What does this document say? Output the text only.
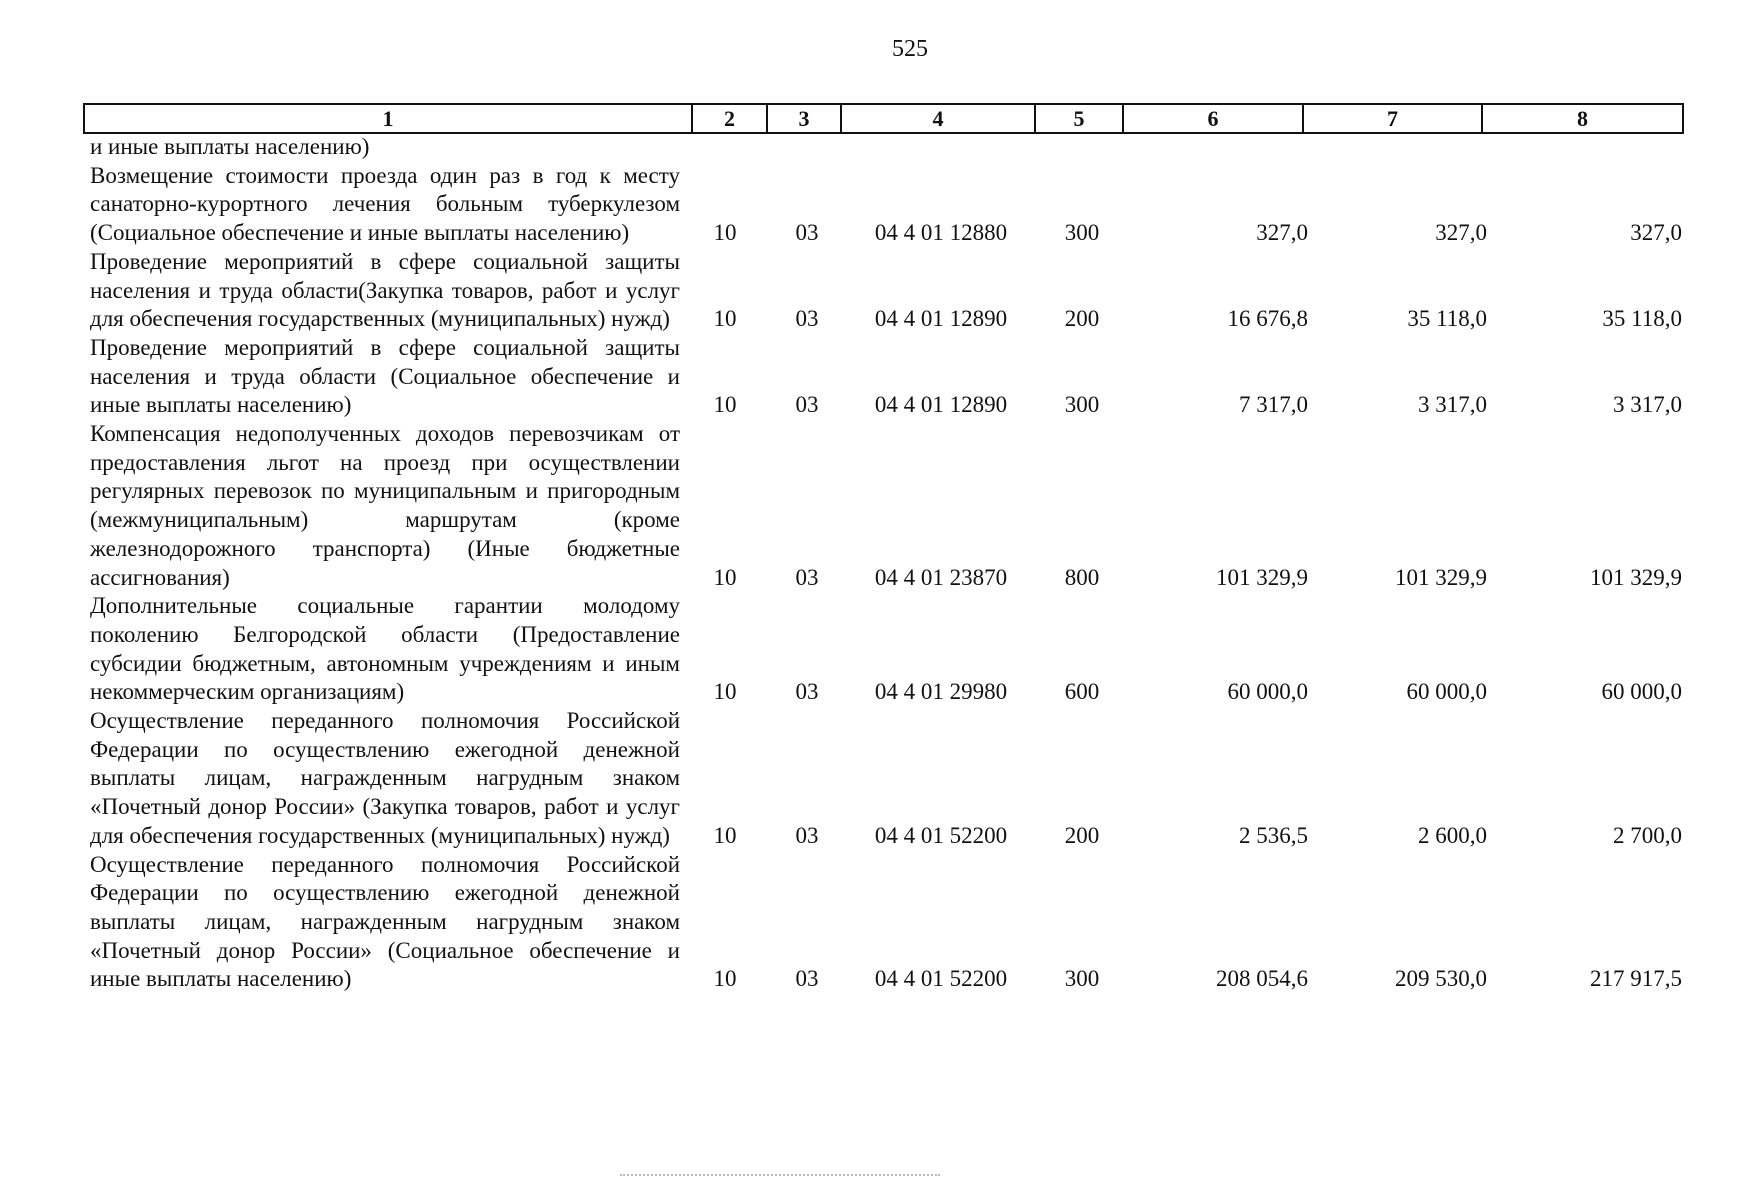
525
1	2	3	4	5	6	7	8
и иные выплаты населению)
Возмещение стоимости проезда один раз в год к месту санаторно-курортного лечения больным туберкулезом (Социальное обеспечение и иные выплаты населению)	10	03	04 4 01 12880	300	327,0	327,0	327,0
Проведение мероприятий в сфере социальной защиты населения и труда области(Закупка товаров, работ и услуг для обеспечения государственных (муниципальных) нужд)	10	03	04 4 01 12890	200	16 676,8	35 118,0	35 118,0
Проведение мероприятий в сфере социальной защиты населения и труда области (Социальное обеспечение и иные выплаты населению)	10	03	04 4 01 12890	300	7 317,0	3 317,0	3 317,0
Компенсация недополученных доходов перевозчикам от предоставления льгот на проезд при осуществлении регулярных перевозок по муниципальным и пригородным (межмуниципальным) маршрутам (кроме железнодорожного транспорта) (Иные бюджетные ассигнования)	10	03	04 4 01 23870	800	101 329,9	101 329,9	101 329,9
Дополнительные социальные гарантии молодому поколению Белгородской области (Предоставление субсидии бюджетным, автономным учреждениям и иным некоммерческим организациям)	10	03	04 4 01 29980	600	60 000,0	60 000,0	60 000,0
Осуществление переданного полномочия Российской Федерации по осуществлению ежегодной денежной выплаты лицам, награжденным нагрудным знаком «Почетный донор России» (Закупка товаров, работ и услуг для обеспечения государственных (муниципальных) нужд)	10	03	04 4 01 52200	200	2 536,5	2 600,0	2 700,0
Осуществление переданного полномочия Российской Федерации по осуществлению ежегодной денежной выплаты лицам, награжденным нагрудным знаком «Почетный донор России» (Социальное обеспечение и иные выплаты населению)	10	03	04 4 01 52200	300	208 054,6	209 530,0	217 917,5
